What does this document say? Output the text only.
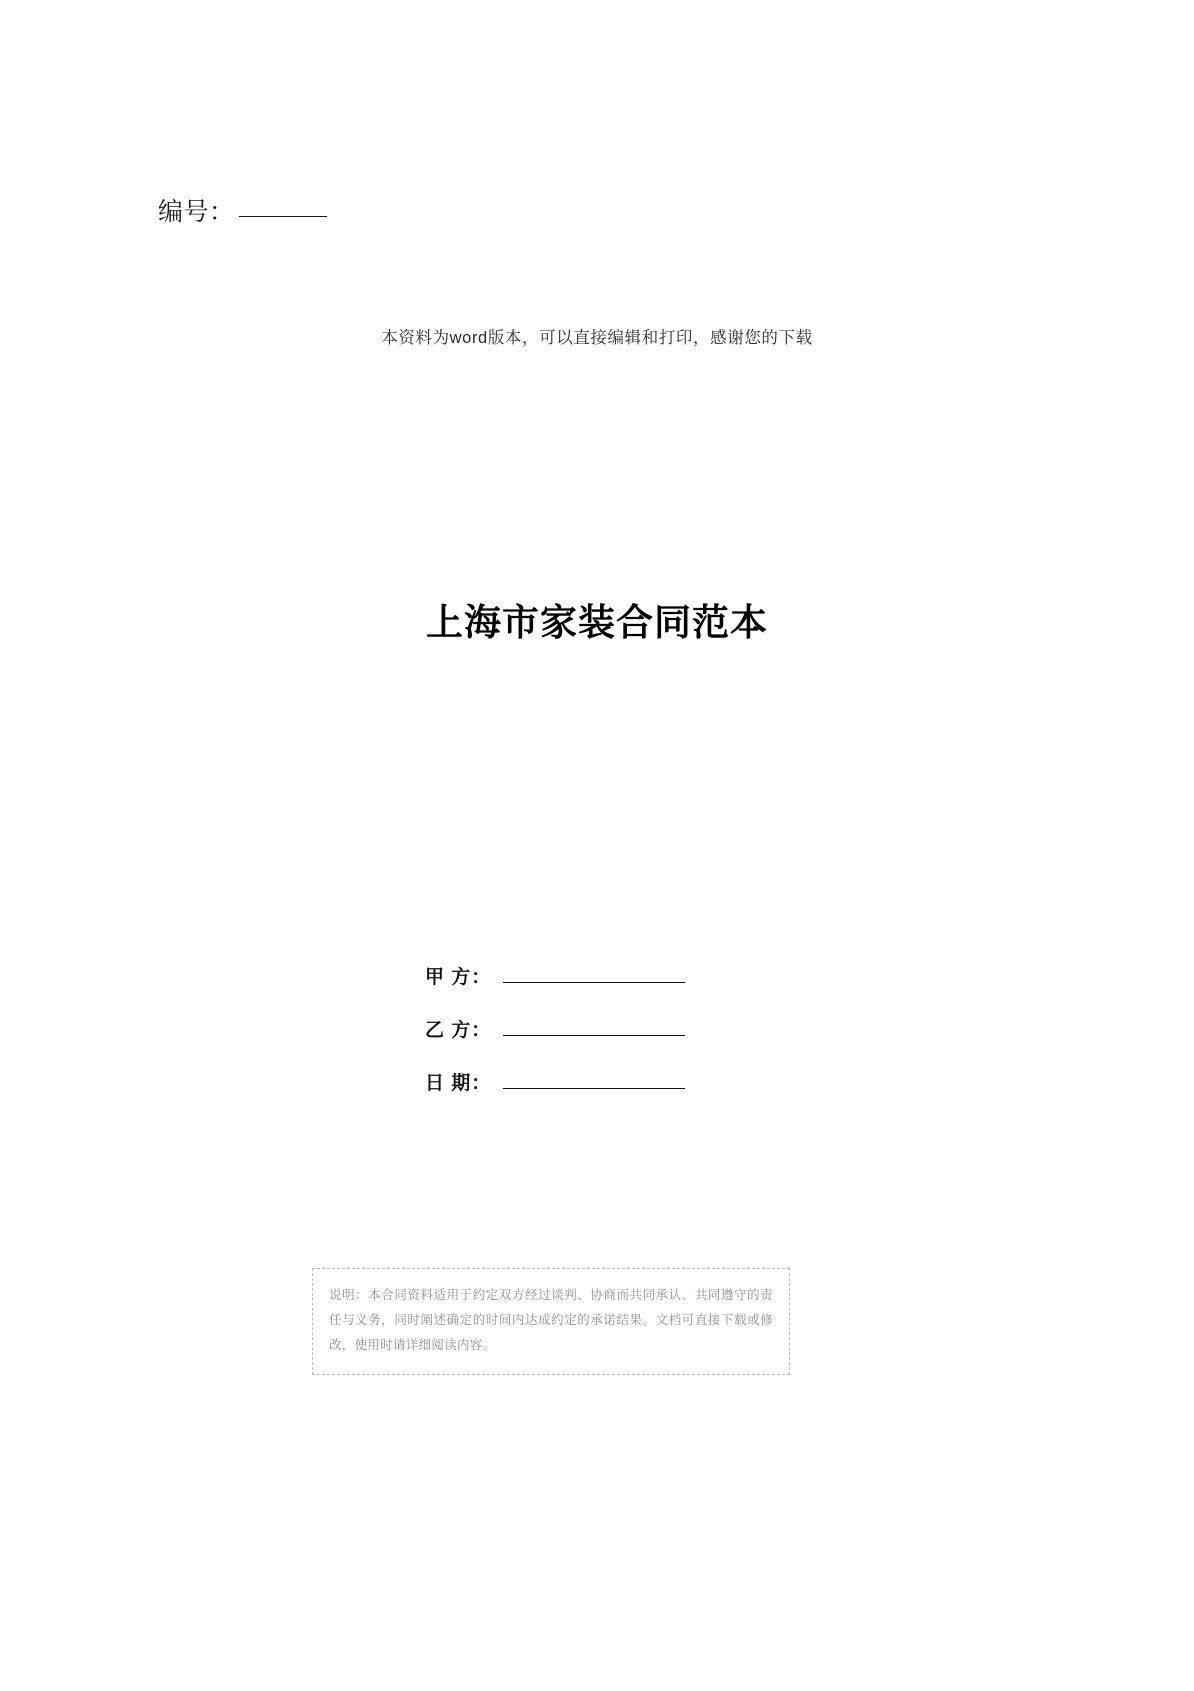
编号：
本资料为word版本，可以直接编辑和打印，感谢您的下载
上海市家装合同范本
甲 方：
乙 方：
日 期：
说明：本合同资料适用于约定双方经过谈判、协商而共同承认、共同遵守的责任与义务，同时阐述确定的时间内达成约定的承诺结果。文档可直接下载或修改，使用时请详细阅读内容。
